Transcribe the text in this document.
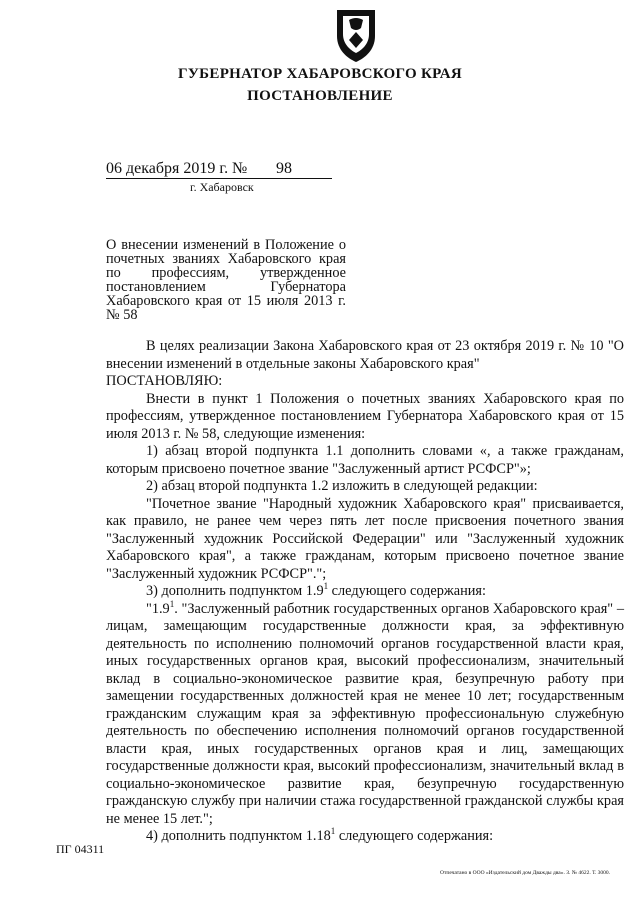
ГУБЕРНАТОР ХАБАРОВСКОГО КРАЯ
ПОСТАНОВЛЕНИЕ
06 декабря 2019 г. № 98
г. Хабаровск
О внесении изменений в Положение о почетных званиях Хабаровского края по профессиям, утвержденное постановлением Губернатора Хабаровского края от 15 июля 2013 г. № 58

В целях реализации Закона Хабаровского края от 23 октября 2019 г. № 10 "О внесении изменений в отдельные законы Хабаровского края"

ПОСТАНОВЛЯЮ:

Внести в пункт 1 Положения о почетных званиях Хабаровского края по профессиям, утвержденное постановлением Губернатора Хабаровского края от 15 июля 2013 г. № 58, следующие изменения:

1) абзац второй подпункта 1.1 дополнить словами «, а также гражданам, которым присвоено почетное звание "Заслуженный артист РСФСР"»;

2) абзац второй подпункта 1.2 изложить в следующей редакции:

"Почетное звание "Народный художник Хабаровского края" присваивается, как правило, не ранее чем через пять лет после присвоения почетного звания "Заслуженный художник Российской Федерации" или "Заслуженный художник Хабаровского края", а также гражданам, которым присвоено почетное звание "Заслуженный художник РСФСР".";

3) дополнить подпунктом $1.9^1$ следующего содержания:

"$1.9^1$. "Заслуженный работник государственных органов Хабаровского края" – лицам, замещающим государственные должности края, за эффективную деятельность по исполнению полномочий органов государственной власти края, иных государственных органов края, высокий профессионализм, значительный вклад в социально-экономическое развитие края, безупречную работу при замещении государственных должностей края не менее 10 лет; государственным гражданским служащим края за эффективную профессиональную служебную деятельность по обеспечению исполнения полномочий органов государственной власти края, иных государственных органов края и лиц, замещающих государственные должности края, высокий профессионализм, значительный вклад в социально-экономическое развитие края, безупречную государственную гражданскую службу при наличии стажа государственной гражданской службы края не менее 15 лет.";

4) дополнить подпунктом 1.18$^1$ следующего содержания:

ПГ 04311
Отпечатано в ООО «Издательский дом Дважды два». З. № 4622. Т. 3000.
